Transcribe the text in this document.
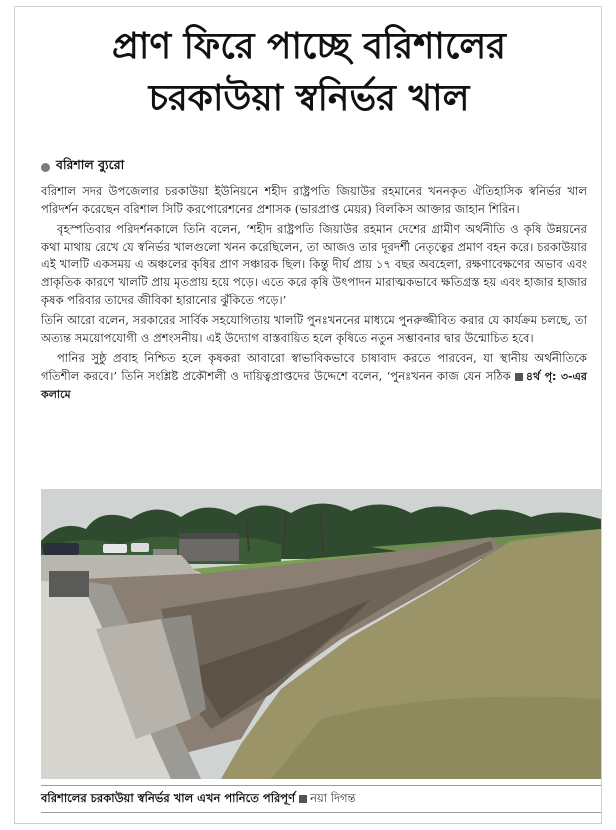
প্রাণ ফিরে পাচ্ছে বরিশালের
চরকাউয়া স্বনির্ভর খাল
বরিশাল ব্যুরো

বরিশাল সদর উপজেলার চরকাউয়া ইউনিয়নে শহীদ রাষ্ট্রপতি জিয়াউর রহমানের খননকৃত ঐতিহাসিক স্বনির্ভর খাল পরিদর্শন করেছেন বরিশাল সিটি করপোরেশনের প্রশাসক (ভারপ্রাপ্ত মেয়র) বিলকিস আক্তার জাহান শিরিন।

বৃহস্পতিবার পরিদর্শনকালে তিনি বলেন, ‘শহীদ রাষ্ট্রপতি জিয়াউর রহমান দেশের গ্রামীণ অর্থনীতি ও কৃষি উন্নয়নের কথা মাথায় রেখে যে স্বনির্ভর খালগুলো খনন করেছিলেন, তা আজও তার দূরদর্শী নেতৃত্বের প্রমাণ বহন করে। চরকাউয়ার এই খালটি একসময় এ অঞ্চলের কৃষির প্রাণ সঞ্চারক ছিল। কিন্তু দীর্ঘ প্রায় ১৭ বছর অবহেলা, রক্ষণাবেক্ষণের অভাব এবং প্রাকৃতিক কারণে খালটি প্রায় মৃতপ্রায় হয়ে পড়ে। এতে করে কৃষি উৎপাদন মারাত্মকভাবে ক্ষতিগ্রস্ত হয় এবং হাজার হাজার কৃষক পরিবার তাদের জীবিকা হারানোর ঝুঁকিতে পড়ে।’

তিনি আরো বলেন, সরকারের সার্বিক সহযোগিতায় খালটি পুনঃখননের মাধ্যমে পুনরুজ্জীবিত করার যে কার্যক্রম চলছে, তা অত্যন্ত সময়োপযোগী ও প্রশংসনীয়। এই উদ্যোগ বাস্তবায়িত হলে কৃষিতে নতুন সম্ভাবনার দ্বার উন্মোচিত হবে।

পানির সুষ্ঠু প্রবাহ নিশ্চিত হলে কৃষকরা আবারো স্বাভাবিকভাবে চাষাবাদ করতে পারবেন, যা স্থানীয় অর্থনীতিকে গতিশীল করবে।’ তিনি সংশ্লিষ্ট প্রকৌশলী ও দায়িত্বপ্রাপ্তদের উদ্দেশে বলেন, ‘পুনঃখনন কাজ যেন সঠিক ৪র্থ পৃ: ৩-এর কলামে

বরিশালের চরকাউয়া স্বনির্ভর খাল এখন পানিতে পরিপূর্ণ নয়া দিগন্ত
